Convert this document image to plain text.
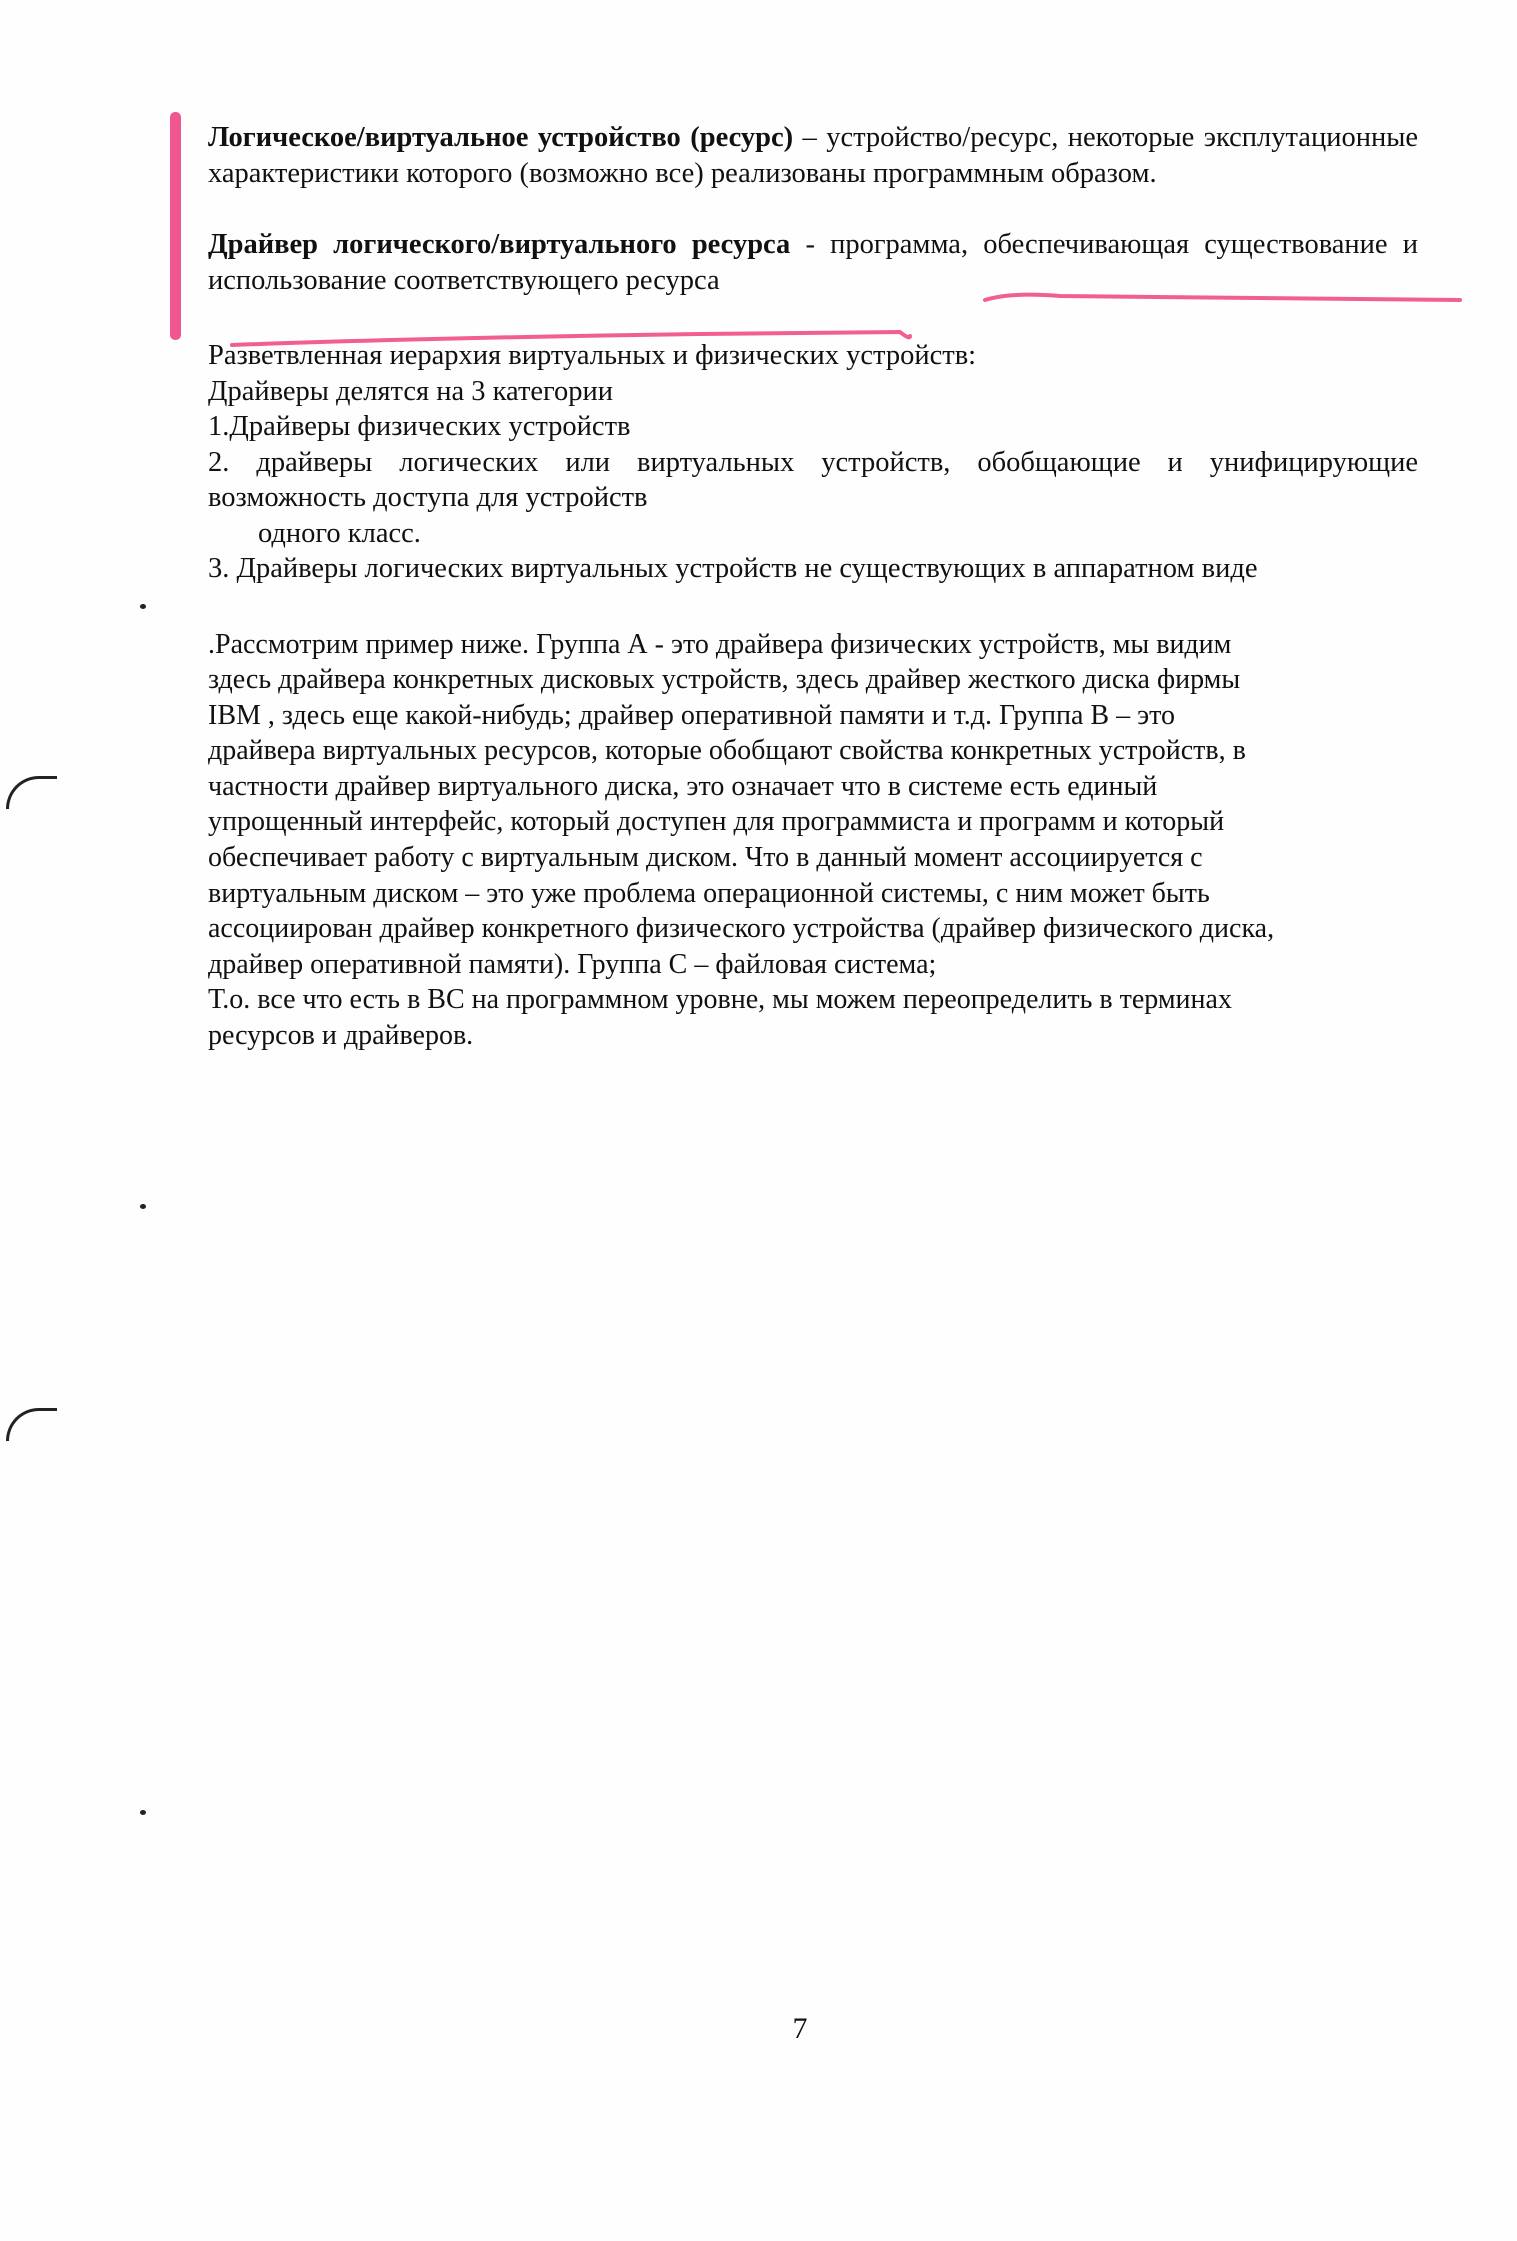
Логическое/виртуальное устройство (ресурс) – устройство/ресурс, некоторые эксплутационные характеристики которого (возможно все) реализованы программным образом.

Драйвер логического/виртуального ресурса - программа, обеспечивающая существование и использование соответствующего ресурса

Разветвленная иерархия виртуальных и физических устройств:

Драйверы делятся на 3 категории

1.Драйверы физических устройств

2. драйверы логических или виртуальных устройств, обобщающие и унифицирующие возможность доступа для устройств

одного класс.

3. Драйверы логических виртуальных устройств не существующих в аппаратном виде

.Рассмотрим пример ниже. Группа А - это драйвера физических устройств, мы видим
здесь драйвера конкретных дисковых устройств, здесь драйвер жесткого диска фирмы
IBM , здесь еще какой-нибудь; драйвер оперативной памяти и т.д. Группа В – это
драйвера виртуальных ресурсов, которые обобщают свойства конкретных устройств, в
частности драйвер виртуального диска, это означает что в системе есть единый
упрощенный интерфейс, который доступен для программиста и программ и который
обеспечивает работу с виртуальным диском. Что в данный момент ассоциируется с
виртуальным диском – это уже проблема операционной системы, с ним может быть
ассоциирован драйвер конкретного физического устройства (драйвер физического диска,
драйвер оперативной памяти). Группа С – файловая система;
Т.о. все что есть в ВС на программном уровне, мы можем переопределить в терминах
ресурсов и драйверов.
7
